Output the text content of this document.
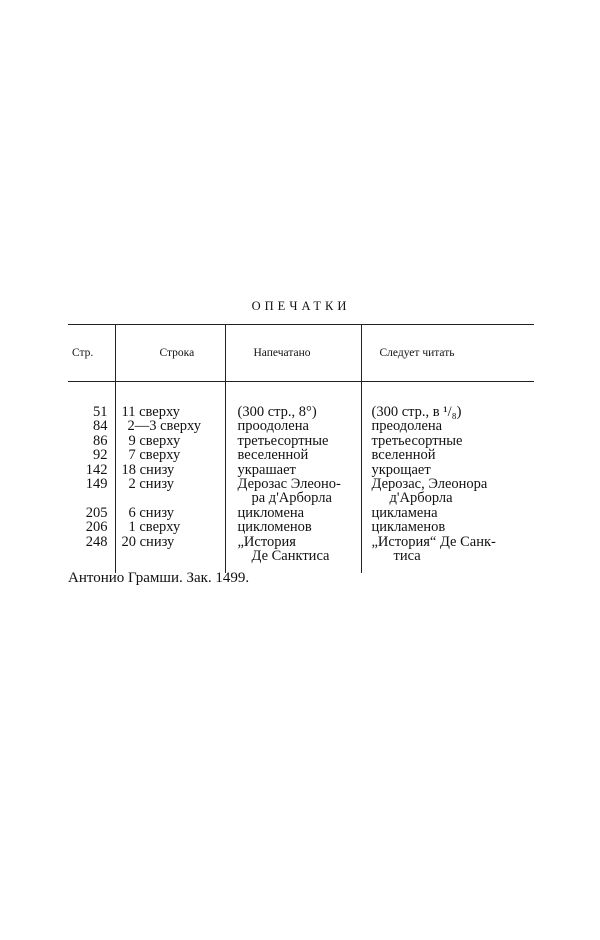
ОПЕЧАТКИ
Стр.	Строка	Напечатано	Следует читать
51	11 сверху	(300 стр., 8°)	(300 стр., в ¹/₈)
84	2—3 сверху	проодолена	преодолена
86	9 сверху	третьесортные	третьесортные
92	7 сверху	веселенной	вселенной
142	18 снизу	украшает	укрощает
149	2 снизу	Дерозас Элеоно-	Дерозас, Элеонора
		ра д'Арборла	д'Арборла
205	6 снизу	цикломена	цикламена
206	1 сверху	цикломенов	цикламенов
248	20 снизу	„История	„История“ Де Санк-
		Де Санктиса	тиса
Антонио Грамши. Зак. 1499.
